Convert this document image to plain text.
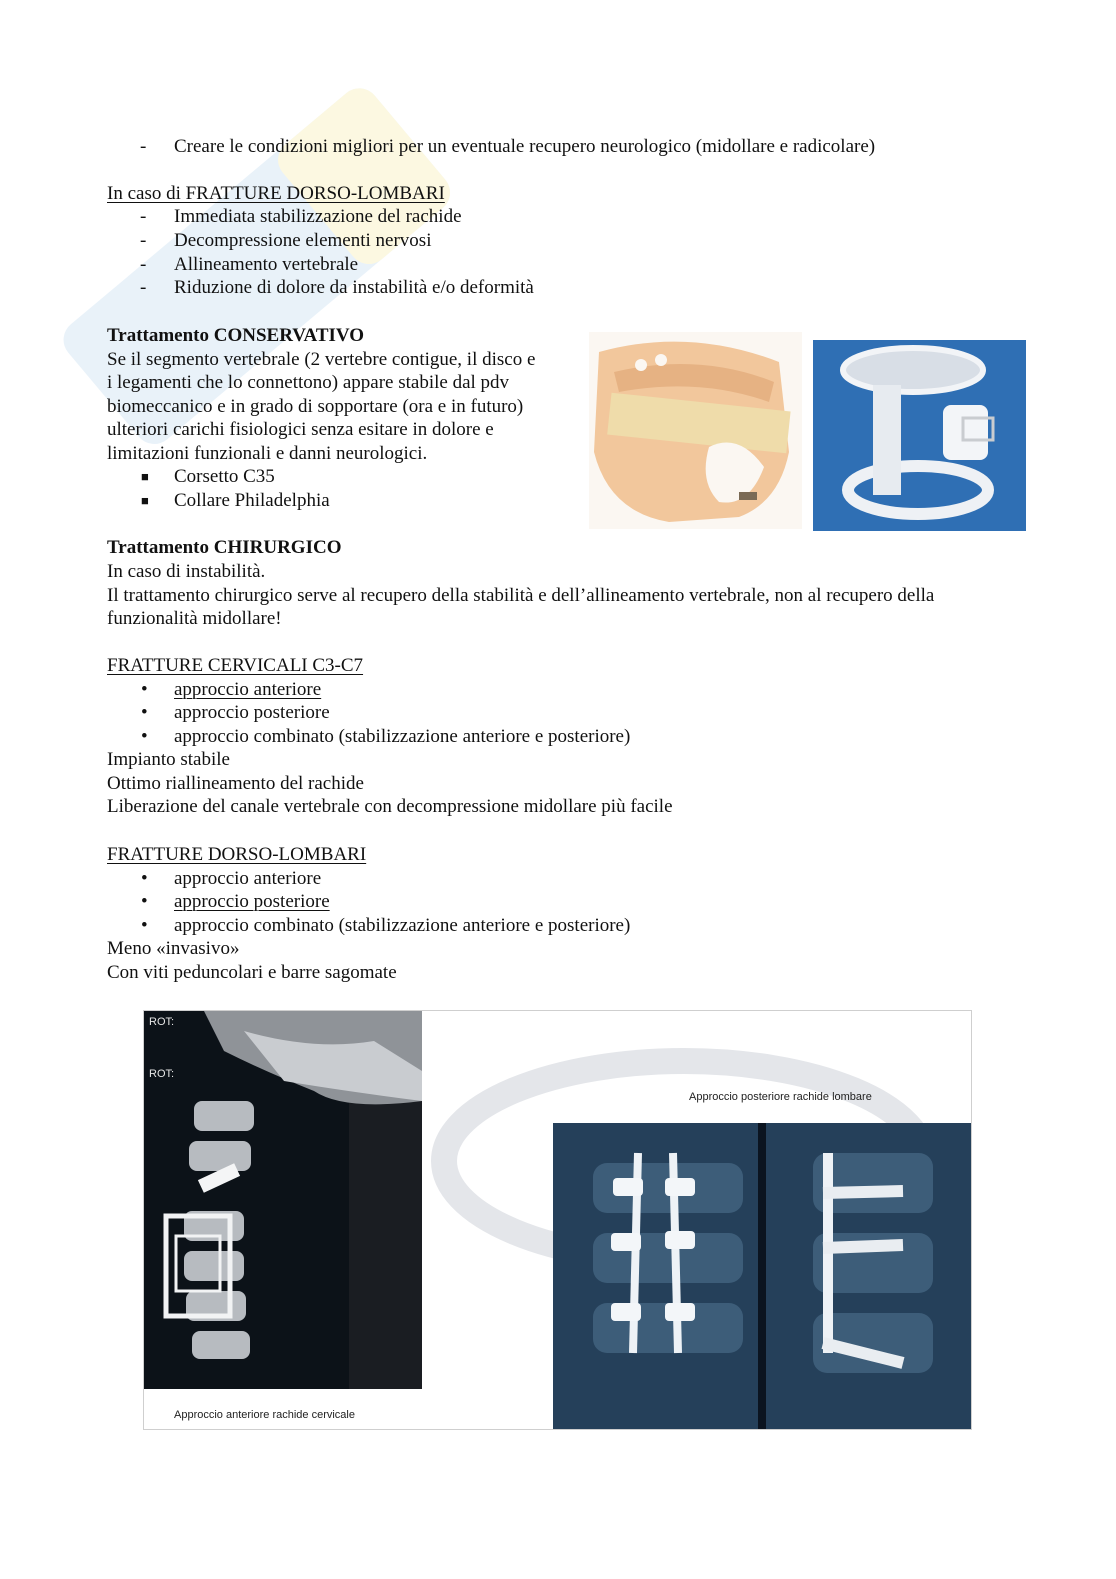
- Creare le condizioni migliori per un eventuale recupero neurologico (midollare e radicolare)
In caso di FRATTURE DORSO-LOMBARI
- Immediata stabilizzazione del rachide
- Decompressione elementi nervosi
- Allineamento vertebrale
- Riduzione di dolore da instabilità e/o deformità
Trattamento CONSERVATIVO
Se il segmento vertebrale (2 vertebre contigue, il disco e
i legamenti che lo connettono) appare stabile dal pdv
biomeccanico e in grado di sopportare (ora e in futuro)
ulteriori carichi fisiologici senza esitare in dolore e
limitazioni funzionali e danni neurologici.
■ Corsetto C35
■ Collare Philadelphia
Trattamento CHIRURGICO
In caso di instabilità.
Il trattamento chirurgico serve al recupero della stabilità e dell’allineamento vertebrale, non al recupero della
funzionalità midollare!
FRATTURE CERVICALI C3-C7
• approccio anteriore
• approccio posteriore
• approccio combinato (stabilizzazione anteriore e posteriore)
Impianto stabile
Ottimo riallineamento del rachide
Liberazione del canale vertebrale con decompressione midollare più facile
FRATTURE DORSO-LOMBARI
• approccio anteriore
• approccio posteriore
• approccio combinato (stabilizzazione anteriore e posteriore)
Meno «invasivo»
Con viti peduncolari e barre sagomate
ROT:
ROT:
Approccio anteriore rachide cervicale
Approccio posteriore rachide lombare
